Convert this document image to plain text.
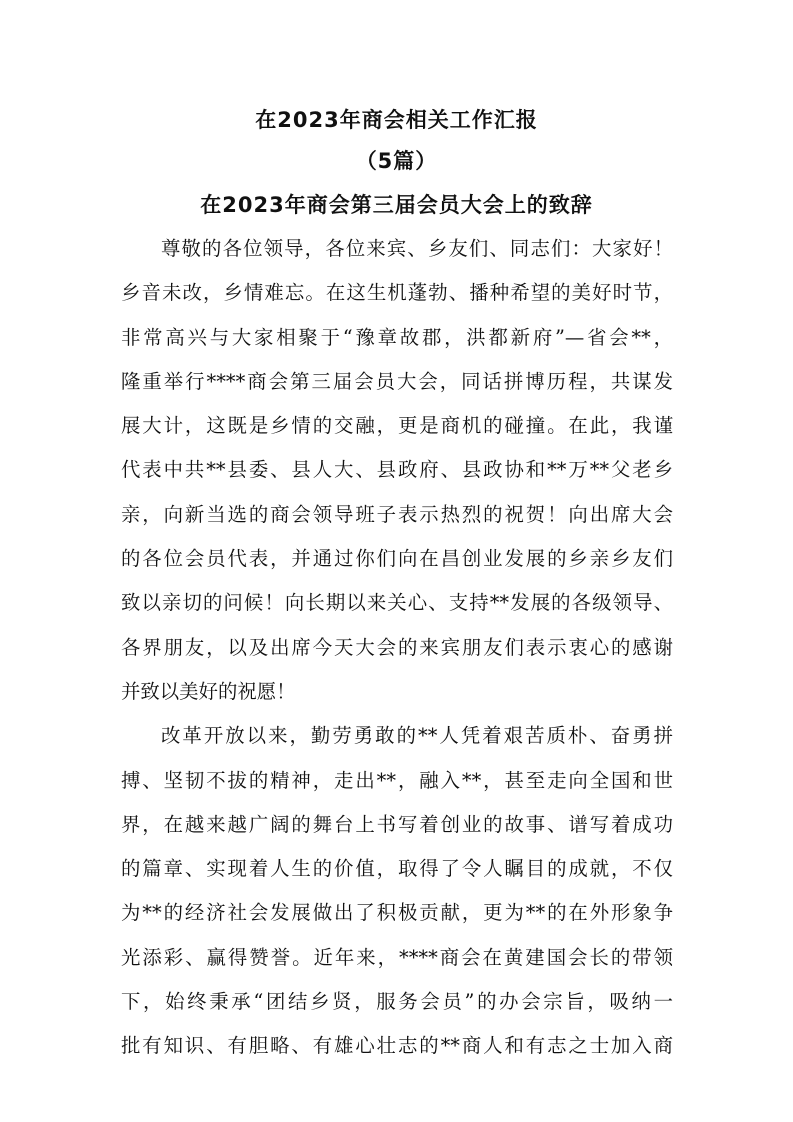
在2023年商会相关工作汇报
（5篇）
在2023年商会第三届会员大会上的致辞
尊敬的各位领导，各位来宾、乡友们、同志们：大家好！
乡音未改，乡情难忘。在这生机蓬勃、播种希望的美好时节，
非常高兴与大家相聚于“豫章故郡，洪都新府”—省会**，
隆重举行****商会第三届会员大会，同话拼博历程，共谋发
展大计，这既是乡情的交融，更是商机的碰撞。在此，我谨
代表中共**县委、县人大、县政府、县政协和**万**父老乡
亲，向新当选的商会领导班子表示热烈的祝贺！向出席大会
的各位会员代表，并通过你们向在昌创业发展的乡亲乡友们
致以亲切的问候！向长期以来关心、支持**发展的各级领导、
各界朋友，以及出席今天大会的来宾朋友们表示衷心的感谢
并致以美好的祝愿！
改革开放以来，勤劳勇敢的**人凭着艰苦质朴、奋勇拼
搏、坚韧不拔的精神，走出**，融入**，甚至走向全国和世
界，在越来越广阔的舞台上书写着创业的故事、谱写着成功
的篇章、实现着人生的价值，取得了令人瞩目的成就，不仅
为**的经济社会发展做出了积极贡献，更为**的在外形象争
光添彩、赢得赞誉。近年来，****商会在黄建国会长的带领
下，始终秉承“团结乡贤，服务会员”的办会宗旨，吸纳一
批有知识、有胆略、有雄心壮志的**商人和有志之士加入商
